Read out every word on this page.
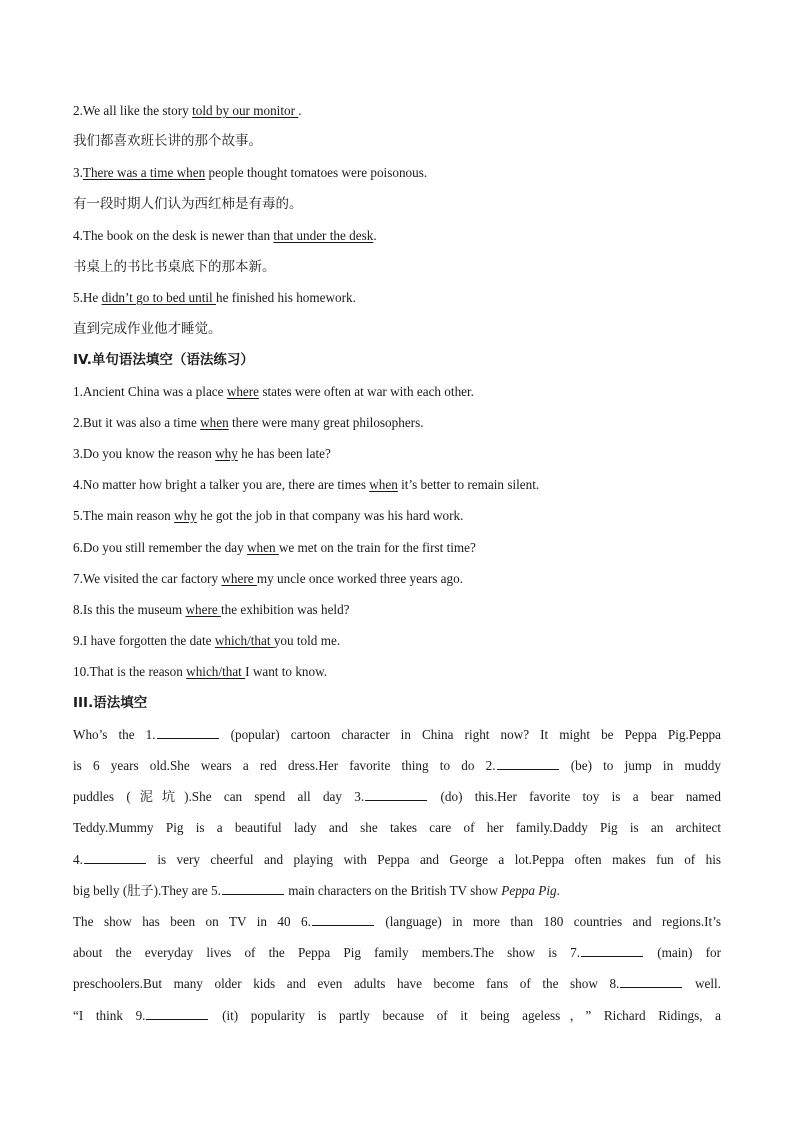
2.We all like the story told by our monitor .
我们都喜欢班长讲的那个故事。
3.There was a time when people thought tomatoes were poisonous.
有一段时期人们认为西红柿是有毒的。
4.The book on the desk is newer than that under the desk.
书桌上的书比书桌底下的那本新。
5.He didn’t go to bed until he finished his homework.
直到完成作业他才睡觉。
IV.单句语法填空（语法练习）
1.Ancient China was a place where states were often at war with each other.
2.But it was also a time when there were many great philosophers.
3.Do you know the reason why he has been late?
4.No matter how bright a talker you are, there are times when it’s better to remain silent.
5.The main reason why he got the job in that company was his hard work.
6.Do you still remember the day when we met on the train for the first time?
7.We visited the car factory where my uncle once worked three years ago.
8.Is this the museum where the exhibition was held?
9.I have forgotten the date which/that you told me.
10.That is the reason which/that I want to know.
III.语法填空
Who’s the 1.	(popular) cartoon character in China right now? It might be Peppa Pig.Peppa
is 6 years old.She wears a red dress.Her favorite thing to do 2.	(be) to jump in muddy
puddles (泥坑).She can spend all day 3.	(do) this.Her favorite toy is a bear named
Teddy.Mummy Pig is a beautiful lady and she takes care of her family.Daddy Pig is an architect
4.	is very cheerful and playing with Peppa and George a lot.Peppa often makes fun of his
big belly (肚子).They are 5.	main characters on the British TV show Peppa Pig.
The show has been on TV in 40 6.	(language) in more than 180 countries and regions.It’s
about the everyday lives of the Peppa Pig family members.The show is 7.	(main) for
preschoolers.But many older kids and even adults have become fans of the show 8.	well.
“I think 9.	(it) popularity is partly because of it being ageless，” Richard Ridings, a
